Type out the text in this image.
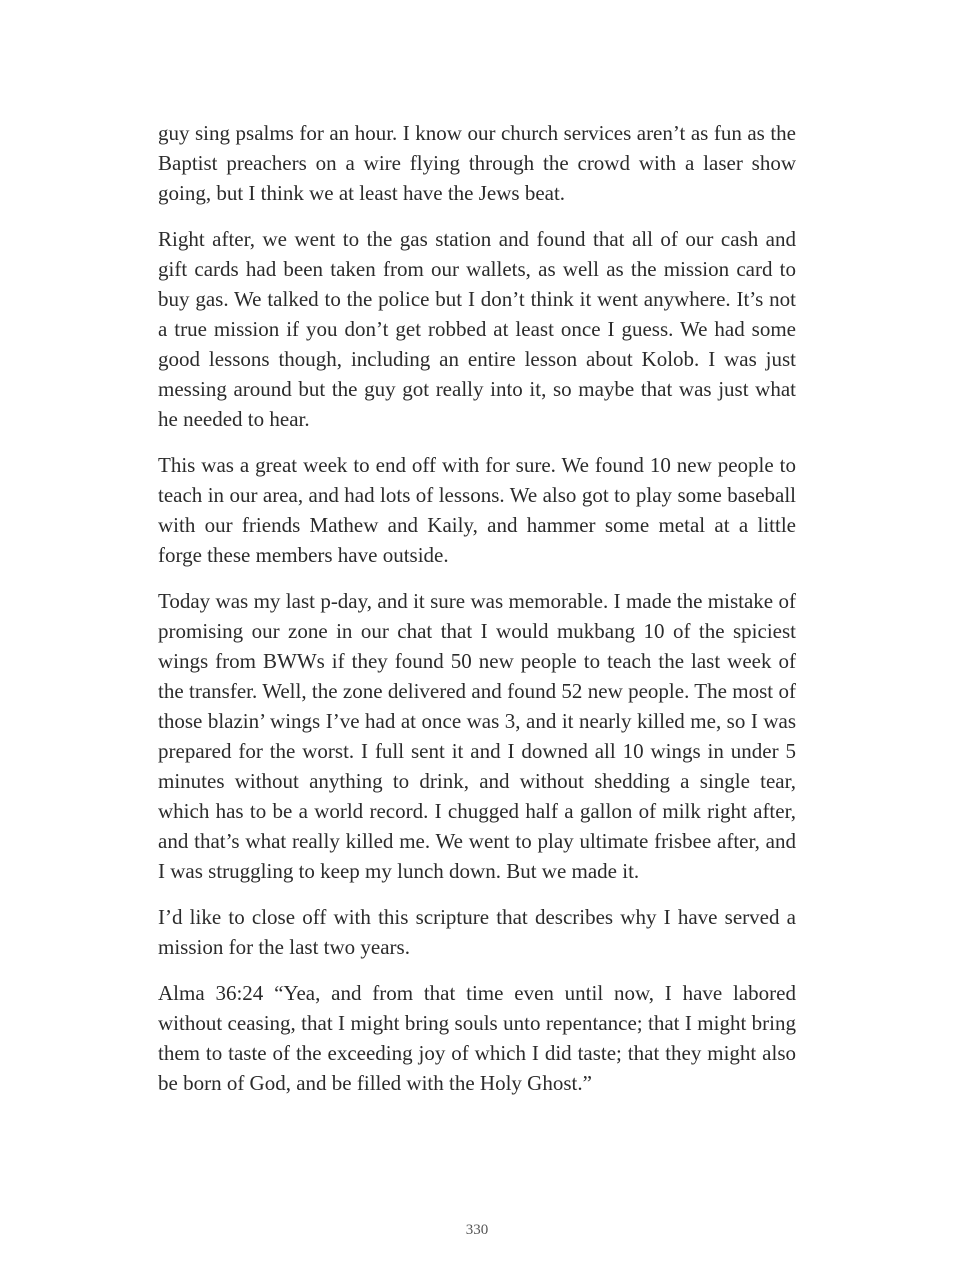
guy sing psalms for an hour. I know our church services aren’t as fun as the Baptist preachers on a wire flying through the crowd with a laser show going, but I think we at least have the Jews beat.

Right after, we went to the gas station and found that all of our cash and gift cards had been taken from our wallets, as well as the mission card to buy gas. We talked to the police but I don’t think it went anywhere. It’s not a true mission if you don’t get robbed at least once I guess. We had some good lessons though, including an entire lesson about Kolob. I was just messing around but the guy got really into it, so maybe that was just what he needed to hear.

This was a great week to end off with for sure. We found 10 new people to teach in our area, and had lots of lessons. We also got to play some baseball with our friends Mathew and Kaily, and hammer some metal at a little forge these members have outside.

Today was my last p-day, and it sure was memorable. I made the mistake of promising our zone in our chat that I would mukbang 10 of the spiciest wings from BWWs if they found 50 new people to teach the last week of the transfer. Well, the zone delivered and found 52 new people. The most of those blazin’ wings I’ve had at once was 3, and it nearly killed me, so I was prepared for the worst. I full sent it and I downed all 10 wings in under 5 minutes without anything to drink, and without shedding a single tear, which has to be a world record. I chugged half a gallon of milk right after, and that’s what really killed me. We went to play ultimate frisbee after, and I was struggling to keep my lunch down. But we made it.

I’d like to close off with this scripture that describes why I have served a mission for the last two years.

Alma 36:24 “Yea, and from that time even until now, I have labored without ceasing, that I might bring souls unto repentance; that I might bring them to taste of the exceeding joy of which I did taste; that they might also be born of God, and be filled with the Holy Ghost.”

330
